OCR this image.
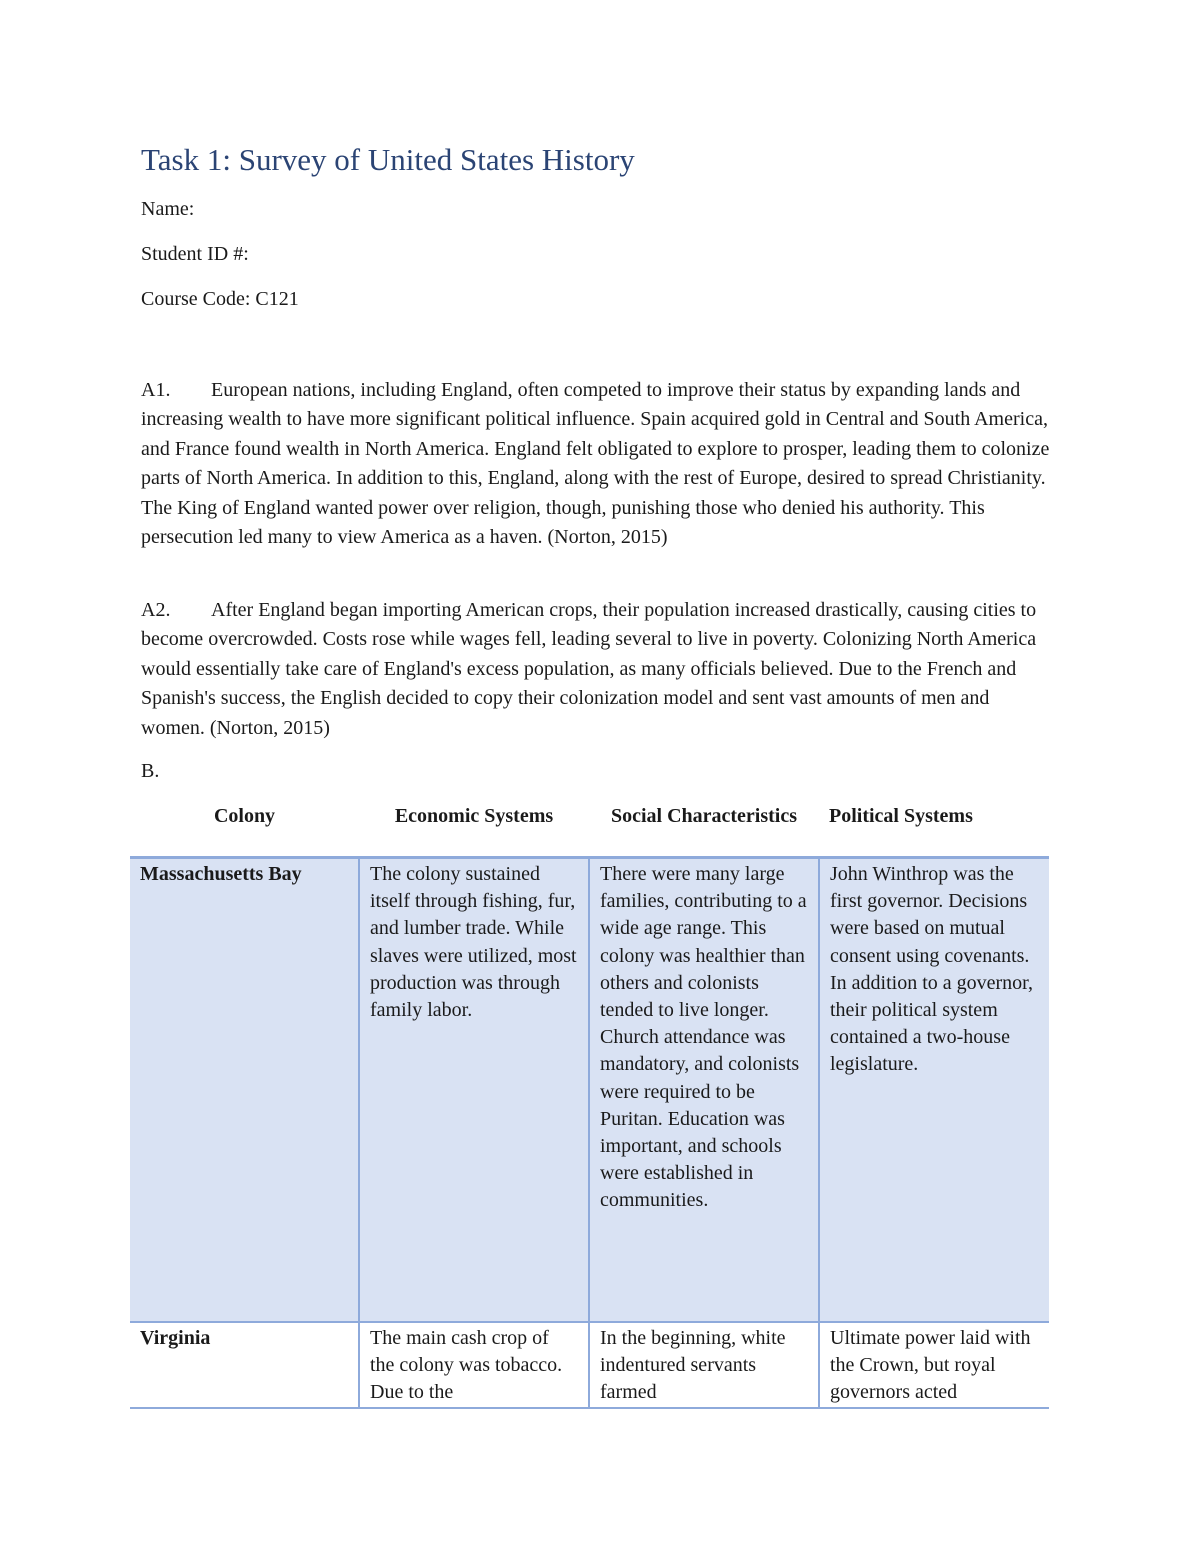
Task 1: Survey of United States History

Name:

Student ID #:

Course Code: C121

A1. European nations, including England, often competed to improve their status by expanding lands and increasing wealth to have more significant political influence. Spain acquired gold in Central and South America, and France found wealth in North America. England felt obligated to explore to prosper, leading them to colonize parts of North America. In addition to this, England, along with the rest of Europe, desired to spread Christianity. The King of England wanted power over religion, though, punishing those who denied his authority. This persecution led many to view America as a haven. (Norton, 2015)

A2. After England began importing American crops, their population increased drastically, causing cities to become overcrowded. Costs rose while wages fell, leading several to live in poverty. Colonizing North America would essentially take care of England's excess population, as many officials believed. Due to the French and Spanish's success, the English decided to copy their colonization model and sent vast amounts of men and women. (Norton, 2015)

B.

Colony	Economic Systems	Social Characteristics	Political Systems
Massachusetts Bay	The colony sustained itself through fishing, fur, and lumber trade. While slaves were utilized, most production was through family labor.	There were many large families, contributing to a wide age range. This colony was healthier than others and colonists tended to live longer. Church attendance was mandatory, and colonists were required to be Puritan. Education was important, and schools were established in communities.	John Winthrop was the first governor. Decisions were based on mutual consent using covenants. In addition to a governor, their political system contained a two-house legislature.
Virginia	The main cash crop of the colony was tobacco. Due to the	In the beginning, white indentured servants farmed	Ultimate power laid with the Crown, but royal governors acted
